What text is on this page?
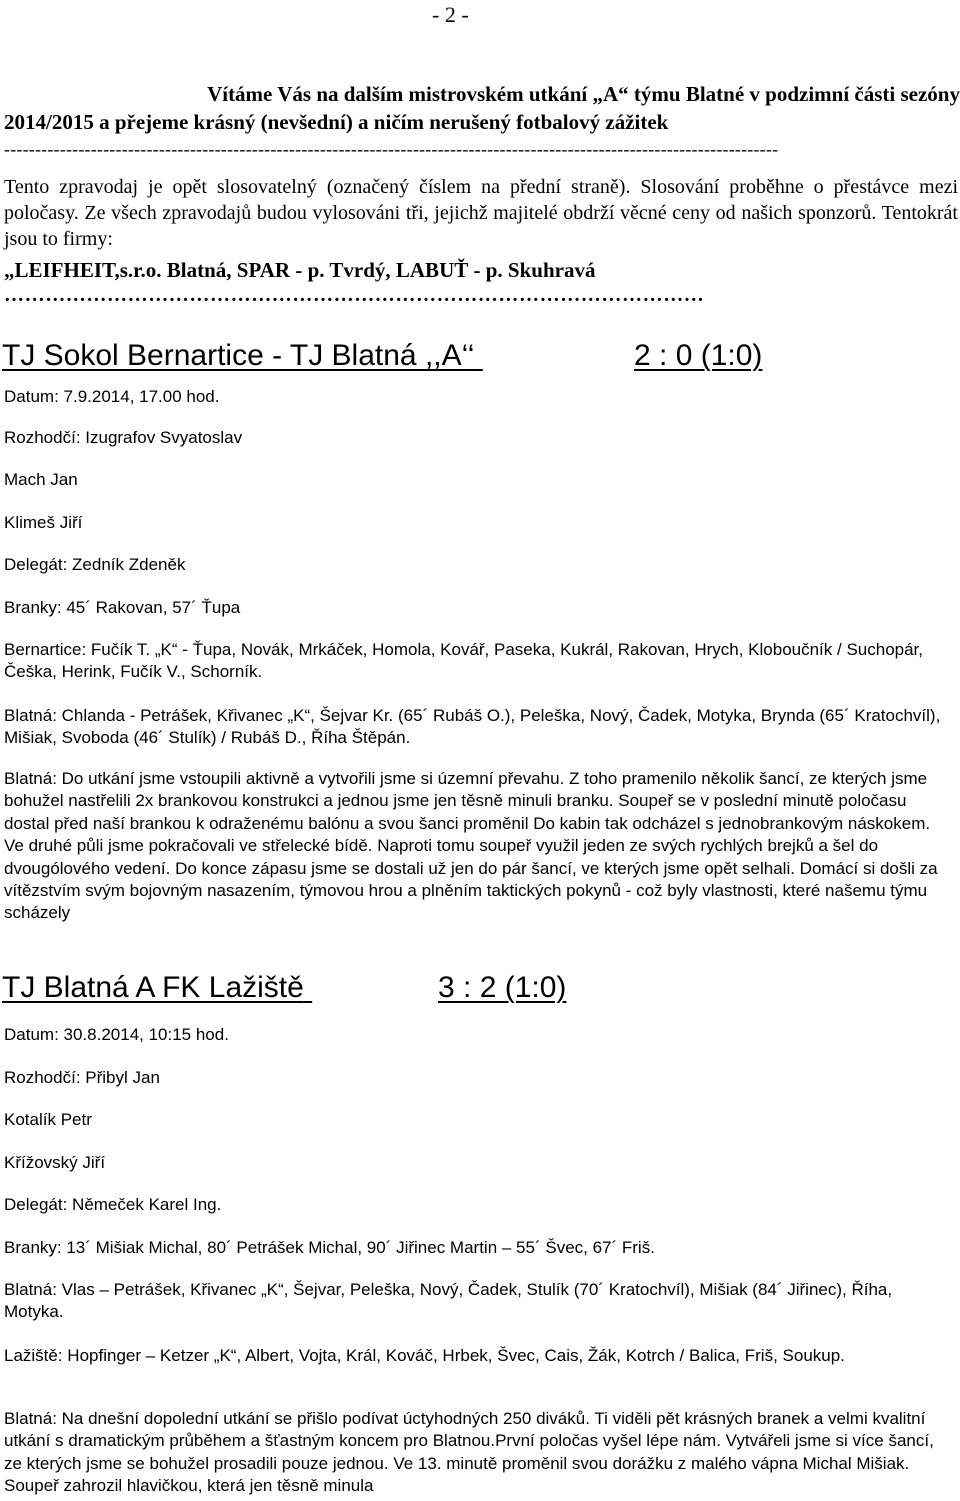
- 2 -
Vítáme Vás na dalším mistrovském utkání „A“ týmu Blatné v podzimní části sezóny
2014/2015 a přejeme krásný (nevšední) a ničím nerušený fotbalový zážitek
-----------------------------------------------------------------------------------------------------------------------------
Tento zpravodaj je opět slosovatelný (označený číslem na přední straně). Slosování proběhne o přestávce mezi poločasy. Ze všech zpravodajů budou vylosováni tři, jejichž majitelé obdrží věcné ceny od našich sponzorů. Tentokrát jsou to firmy:
„LEIFHEIT,s.r.o. Blatná, SPAR - p. Tvrdý, LABUŤ - p. Skuhravá
…………………………………………………………………………………………
TJ Sokol Bernartice - TJ Blatná ,,A‘‘	2 : 0 (1:0)
Datum: 7.9.2014, 17.00 hod.
Rozhodčí: Izugrafov Svyatoslav
Mach Jan
Klimeš Jiří
Delegát: Zedník Zdeněk
Branky: 45´ Rakovan, 57´ Ťupa
Bernartice: Fučík T. „K“ - Ťupa, Novák, Mrkáček, Homola, Kovář, Paseka, Kukrál, Rakovan, Hrych, Kloboučník / Suchopár, Češka, Herink, Fučík V., Schorník.
Blatná: Chlanda - Petrášek, Křivanec „K“, Šejvar Kr. (65´ Rubáš O.), Peleška, Nový, Čadek, Motyka, Brynda (65´ Kratochvíl), Mišiak, Svoboda (46´ Stulík) / Rubáš D., Říha Štěpán.
Blatná: Do utkání jsme vstoupili aktivně a vytvořili jsme si územní převahu. Z toho pramenilo několik šancí, ze kterých jsme bohužel nastřelili 2x brankovou konstrukci a jednou jsme jen těsně minuli branku. Soupeř se v poslední minutě poločasu dostal před naší brankou k odraženému balónu a svou šanci proměnil Do kabin tak odcházel s jednobrankovým náskokem. Ve druhé půli jsme pokračovali ve střelecké bídě. Naproti tomu soupeř využil jeden ze svých rychlých brejků a šel do dvougólového vedení. Do konce zápasu jsme se dostali už jen do pár šancí, ve kterých jsme opět selhali. Domácí si došli za vítězstvím svým bojovným nasazením, týmovou hrou a plněním taktických pokynů - což byly vlastnosti, které našemu týmu scházely
TJ Blatná A FK Lažiště	3 : 2 (1:0)
Datum: 30.8.2014, 10:15 hod.
Rozhodčí: Přibyl Jan
Kotalík Petr
Křížovský Jiří
Delegát: Němeček Karel Ing.
Branky: 13´ Mišiak Michal, 80´ Petrášek Michal, 90´ Jiřinec Martin – 55´ Švec, 67´ Friš.
Blatná: Vlas – Petrášek, Křivanec „K“, Šejvar, Peleška, Nový, Čadek, Stulík (70´ Kratochvíl), Mišiak (84´ Jiřinec), Říha, Motyka.
Lažiště: Hopfinger – Ketzer „K“, Albert, Vojta, Král, Kováč, Hrbek, Švec, Cais, Žák, Kotrch / Balica, Friš, Soukup.
Blatná: Na dnešní dopolední utkání se přišlo podívat úctyhodných 250 diváků. Ti viděli pět krásných branek a velmi kvalitní utkání s dramatickým průběhem a šťastným koncem pro Blatnou.První poločas vyšel lépe nám. Vytvářeli jsme si více šancí, ze kterých jsme se bohužel prosadili pouze jednou. Ve 13. minutě proměnil svou dorážku z malého vápna Michal Mišiak. Soupeř zahrozil hlavičkou, která jen těsně minula
